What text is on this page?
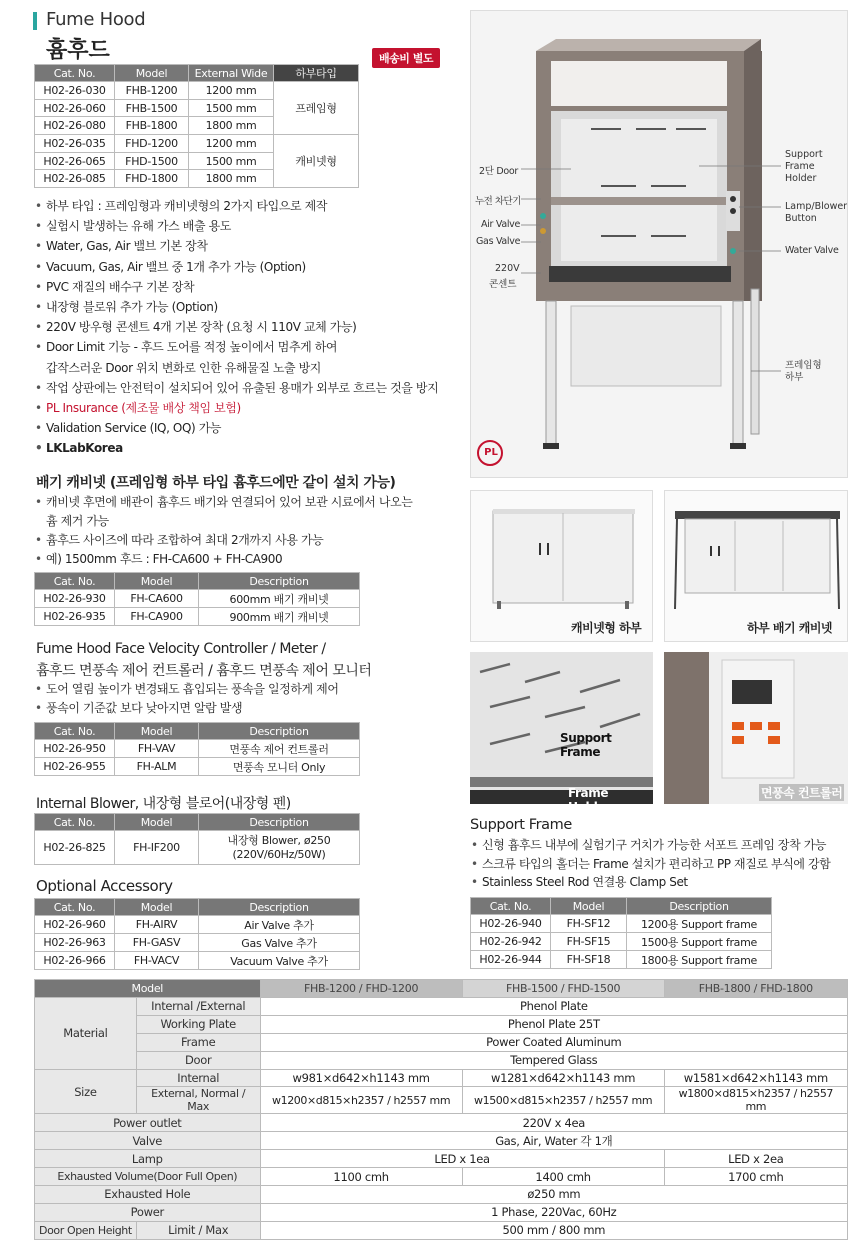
Fume Hood
흄후드	배송비 별도
Cat. No.	Model	External Wide	하부타입
H02-26-030	FHB-1200	1200 mm	프레임형
H02-26-060	FHB-1500	1500 mm	
H02-26-080	FHB-1800	1800 mm	
H02-26-035	FHD-1200	1200 mm	캐비넷형
H02-26-065	FHD-1500	1500 mm	
H02-26-085	FHD-1800	1800 mm	
• 하부 타입 : 프레임형과 캐비넷형의 2가지 타입으로 제작
• 실험시 발생하는 유해 가스 배출 용도
• Water, Gas, Air 밸브 기본 장착
• Vacuum, Gas, Air 밸브 중 1개 추가 가능 (Option)
• PVC 재질의 배수구 기본 장착
• 내장형 블로워 추가 가능 (Option)
• 220V 방우형 콘센트 4개 기본 장착 (요청 시 110V 교체 가능)
• Door Limit 기능 - 후드 도어를 적정 높이에서 멈추게 하여
갑작스러운 Door 위치 변화로 인한 유해물질 노출 방지
• 작업 상판에는 안전턱이 설치되어 있어 유출된 용매가 외부로 흐르는 것을 방지
• PL Insurance (제조물 배상 책임 보험)
• Validation Service (IQ, OQ) 가능
• LKLabKorea
배기 캐비넷 (프레임형 하부 타입 흄후드에만 같이 설치 가능)
• 캐비넷 후면에 배관이 흄후드 배기와 연결되어 있어 보관 시료에서 나오는
흄 제거 가능
• 흄후드 사이즈에 따라 조합하여 최대 2개까지 사용 가능
• 예) 1500mm 후드 : FH-CA600 + FH-CA900
Cat. No.	Model	Description
H02-26-930	FH-CA600	600mm 배기 캐비넷
H02-26-935	FH-CA900	900mm 배기 캐비넷
Fume Hood Face Velocity Controller / Meter /
흄후드 면풍속 제어 컨트롤러 / 흄후드 면풍속 제어 모니터
• 도어 열림 높이가 변경돼도 흡입되는 풍속을 일정하게 제어
• 풍속이 기준값 보다 낮아지면 알람 발생
Cat. No.	Model	Description
H02-26-950	FH-VAV	면풍속 제어 컨트롤러
H02-26-955	FH-ALM	면풍속 모니터 Only
Internal Blower, 내장형 블로어(내장형 펜)
Cat. No.	Model	Description
H02-26-825	FH-IF200	내장형 Blower, ø250
(220V/60Hz/50W)
Optional Accessory
Cat. No.	Model	Description
H02-26-960	FH-AIRV	Air Valve 추가
H02-26-963	FH-GASV	Gas Valve 추가
H02-26-966	FH-VACV	Vacuum Valve 추가
PL
2단 Door
누전 차단기
Air Valve
Gas Valve
220V
콘센트
Support
Frame
Holder
Lamp/Blower
Button
Water Valve
프레임형
하부
캐비넷형 하부	하부 배기 캐비넷
Support Frame
Frame Holder
면풍속 컨트롤러
Support Frame
• 신형 흄후드 내부에 실험기구 거치가 가능한 서포트 프레임 장착 가능
• 스크류 타입의 홀더는 Frame 설치가 편리하고 PP 재질로 부식에 강함
• Stainless Steel Rod 연결용 Clamp Set
Cat. No.	Model	Description
H02-26-940	FH-SF12	1200용 Support frame
H02-26-942	FH-SF15	1500용 Support frame
H02-26-944	FH-SF18	1800용 Support frame
Model		FHB-1200 / FHD-1200	FHB-1500 / FHD-1500	FHB-1800 / FHD-1800
Material	Internal /External	Phenol Plate		
	Working Plate	Phenol Plate 25T		
	Frame	Power Coated Aluminum		
	Door	Tempered Glass		
Size	Internal	w981×d642×h1143 mm	w1281×d642×h1143 mm	w1581×d642×h1143 mm
	External, Normal / Max	w1200×d815×h2357 / h2557 mm	w1500×d815×h2357 / h2557 mm	w1800×d815×h2357 / h2557 mm
Power outlet		220V x 4ea		
Valve		Gas, Air, Water 각 1개		
Lamp		LED x 1ea		LED x 2ea
Exhausted Volume(Door Full Open)		1100 cmh	1400 cmh	1700 cmh
Exhausted Hole		ø250 mm		
Power		1 Phase, 220Vac, 60Hz		
Door Open Height	Limit / Max	500 mm / 800 mm		
